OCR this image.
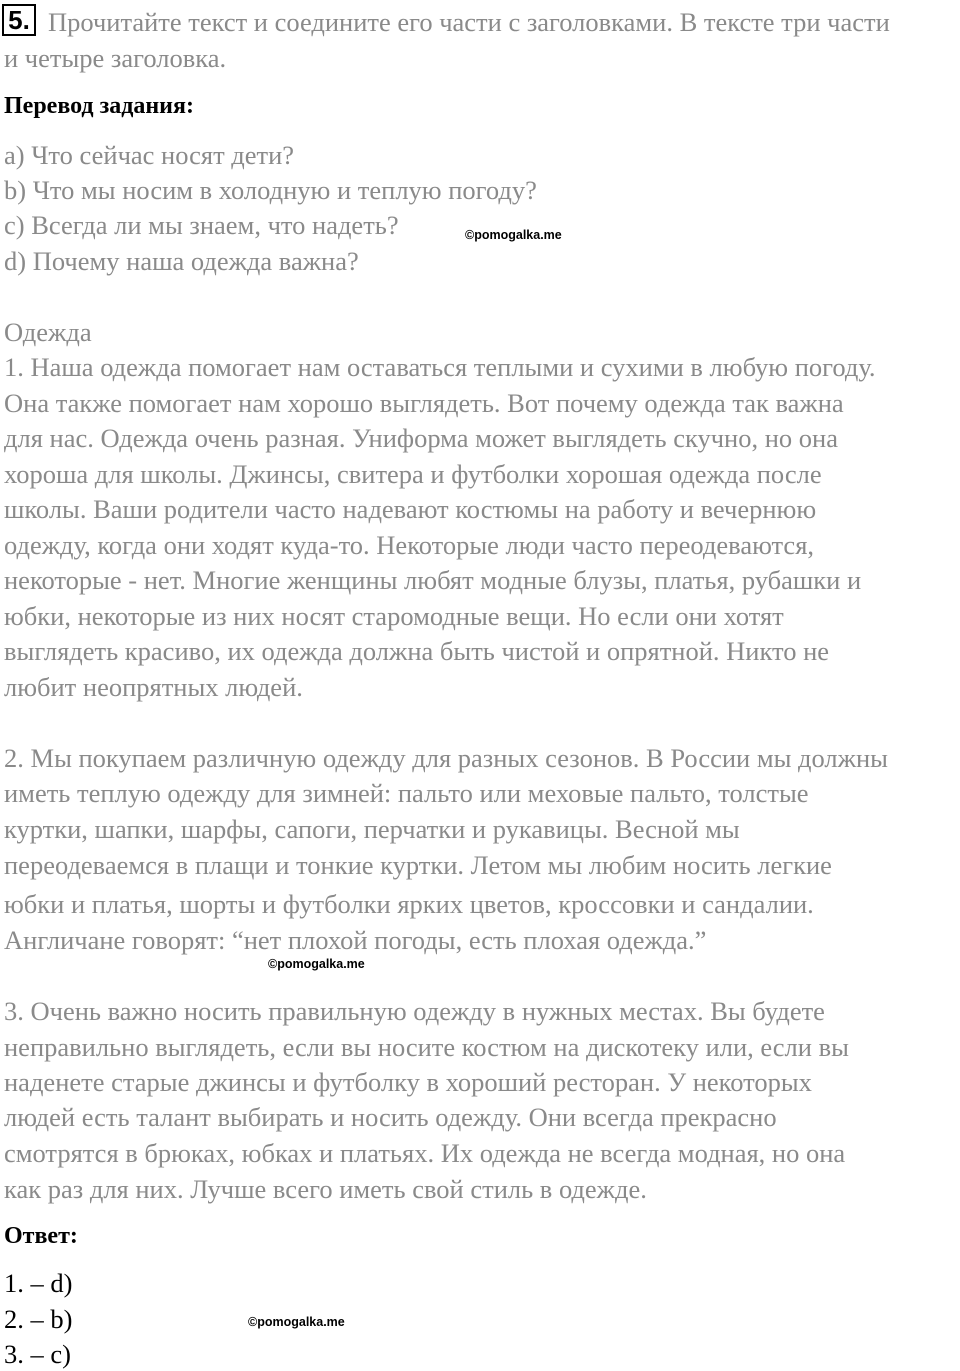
5. Прочитайте текст и соедините его части с заголовками. В тексте три части
и четыре заголовка.
Перевод задания:
a) Что сейчас носят дети?
b) Что мы носим в холодную и теплую погоду?
c) Всегда ли мы знаем, что надеть?
d) Почему наша одежда важна?
©pomogalka.me
Одежда
1. Наша одежда помогает нам оставаться теплыми и сухими в любую погоду.
Она также помогает нам хорошо выглядеть. Вот почему одежда так важна
для нас. Одежда очень разная. Униформа может выглядеть скучно, но она
хороша для школы. Джинсы, свитера и футболки хорошая одежда после
школы. Ваши родители часто надевают костюмы на работу и вечернюю
одежду, когда они ходят куда-то. Некоторые люди часто переодеваются,
некоторые - нет. Многие женщины любят модные блузы, платья, рубашки и
юбки, некоторые из них носят старомодные вещи. Но если они хотят
выглядеть красиво, их одежда должна быть чистой и опрятной. Никто не
любит неопрятных людей.
2. Мы покупаем различную одежду для разных сезонов. В России мы должны
иметь теплую одежду для зимней: пальто или меховые пальто, толстые
куртки, шапки, шарфы, сапоги, перчатки и рукавицы. Весной мы
переодеваемся в плащи и тонкие куртки. Летом мы любим носить легкие
юбки и платья, шорты и футболки ярких цветов, кроссовки и сандалии.
Англичане говорят: “нет плохой погоды, есть плохая одежда.”
©pomogalka.me
3. Очень важно носить правильную одежду в нужных местах. Вы будете
неправильно выглядеть, если вы носите костюм на дискотеку или, если вы
наденете старые джинсы и футболку в хороший ресторан. У некоторых
людей есть талант выбирать и носить одежду. Они всегда прекрасно
смотрятся в брюках, юбках и платьях. Их одежда не всегда модная, но она
как раз для них. Лучше всего иметь свой стиль в одежде.
Ответ:
1. – d)
2. – b)
3. – c)
©pomogalka.me
